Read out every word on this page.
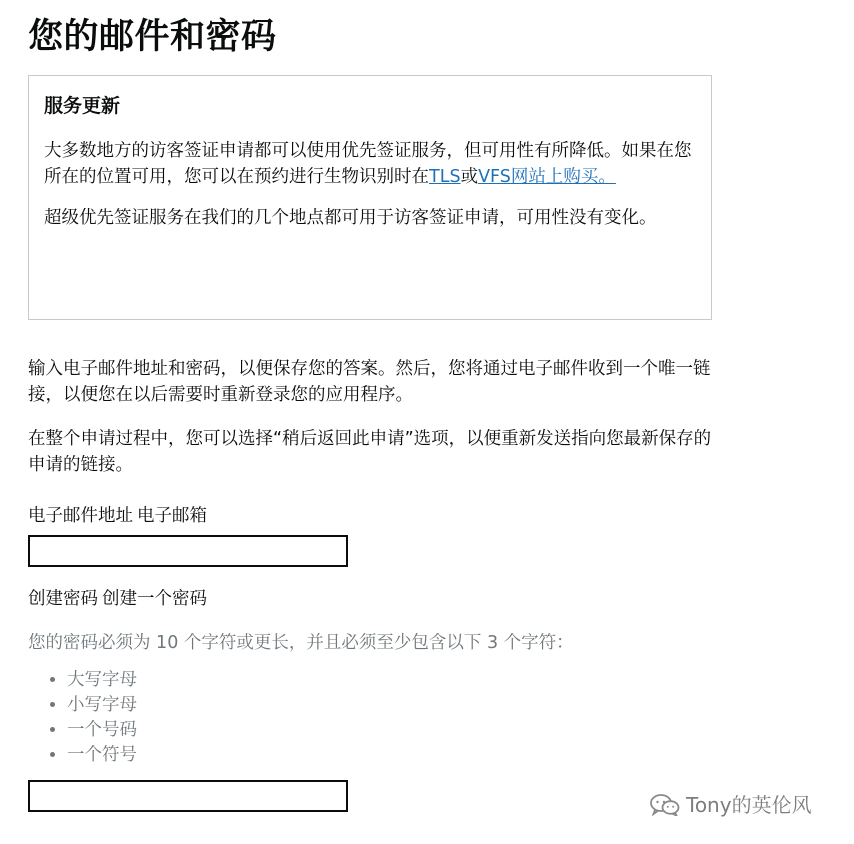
您的邮件和密码
服务更新

大多数地方的访客签证申请都可以使用优先签证服务，但可用性有所降低。如果在您所在的位置可用，您可以在预约进行生物识别时在TLS或VFS网站上购买。

超级优先签证服务在我们的几个地点都可用于访客签证申请，可用性没有变化。

输入电子邮件地址和密码，以便保存您的答案。然后，您将通过电子邮件收到一个唯一链接，以便您在以后需要时重新登录您的应用程序。

在整个申请过程中，您可以选择“稍后返回此申请”选项，以便重新发送指向您最新保存的申请的链接。

电子邮件地址 电子邮箱

创建密码 创建一个密码

您的密码必须为 10 个字符或更长，并且必须至少包含以下 3 个字符：

• 大写字母
• 小写字母
• 一个号码
• 一个符号
Tony的英伦风
